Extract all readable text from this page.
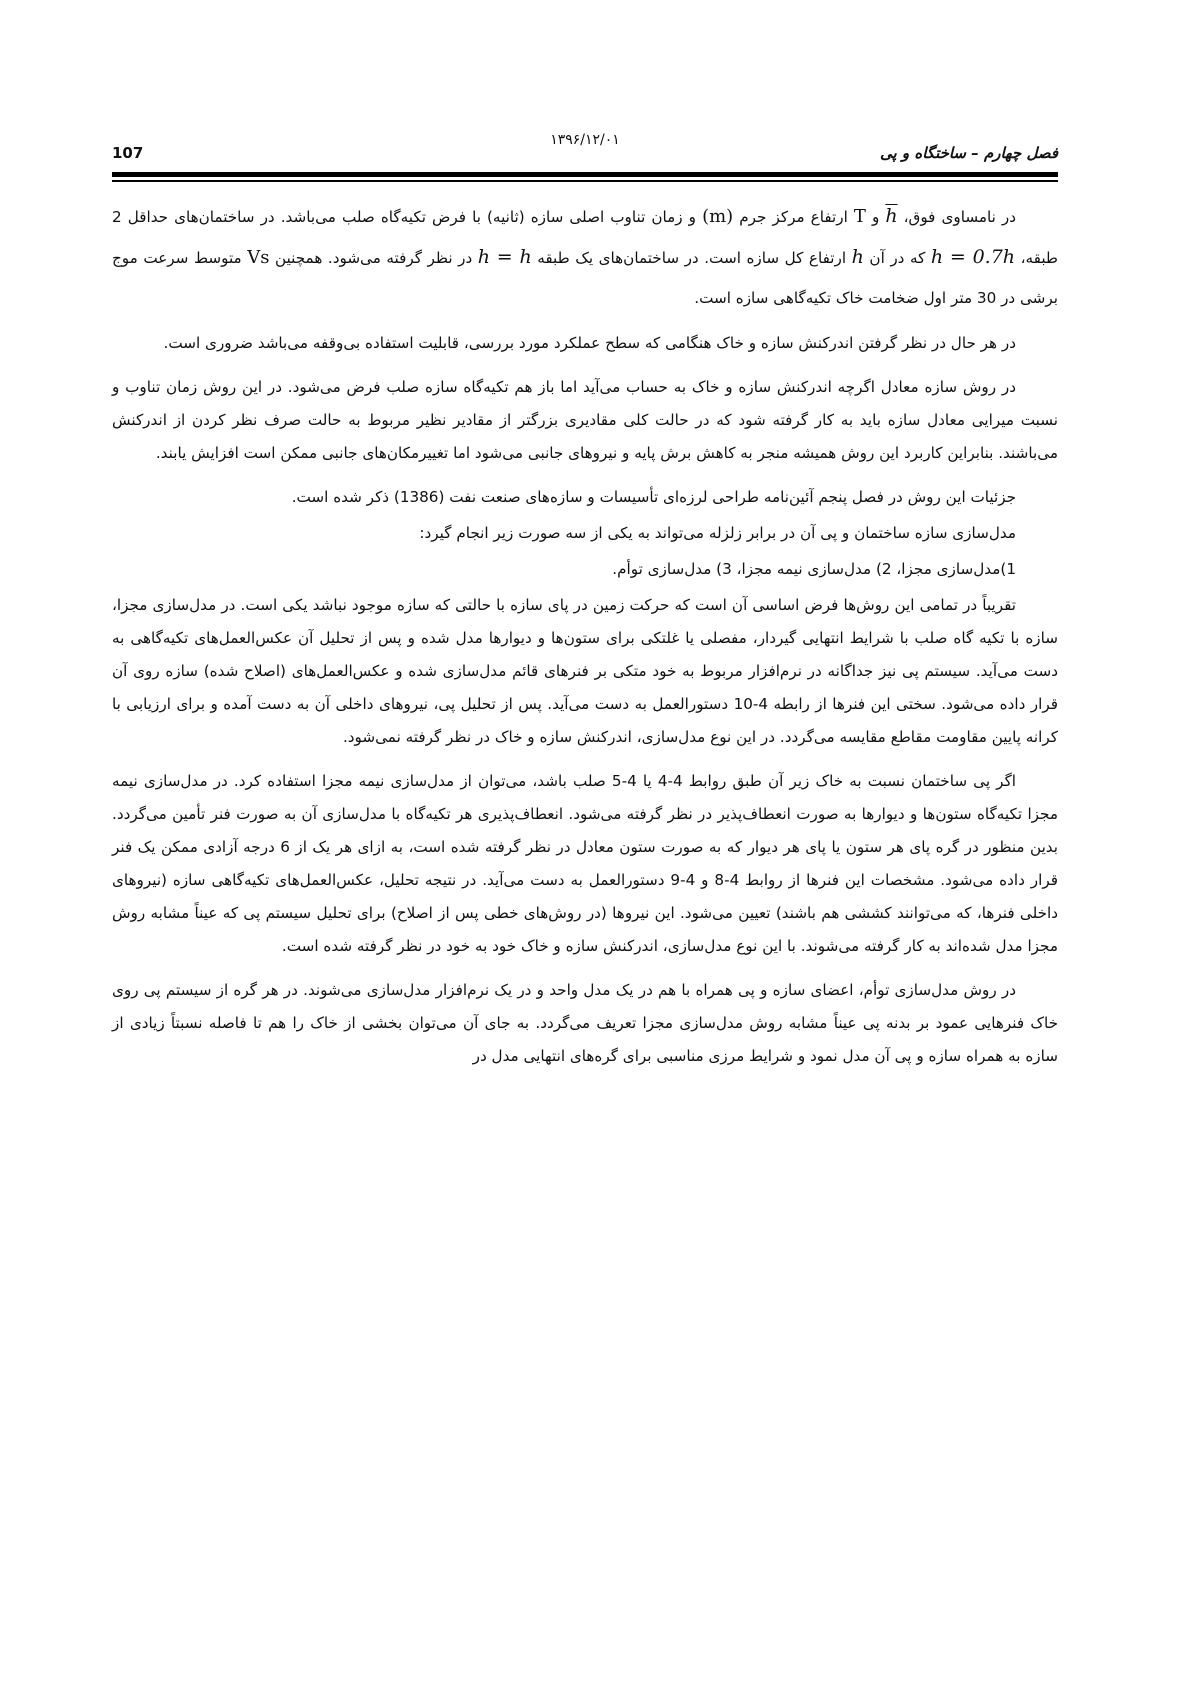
107
۱۳۹۶/۱۲/۰۱
فصل چهارم – ساختگاه و پی

در نامساوی فوق، $\overline{h}$ و T ارتفاع مرکز جرم (m) و زمان تناوب اصلی سازه (ثانیه) با فرض تکیه‌گاه صلب می‌باشد. در ساختمان‌های حداقل 2 طبقه، h = 0.7h که در آن h ارتفاع کل سازه است. در ساختمان‌های یک طبقه h = h در نظر گرفته می‌شود. همچنین Vs متوسط سرعت موج برشی در 30 متر اول ضخامت خاک تکیه‌گاهی سازه است.

در هر حال در نظر گرفتن اندرکنش سازه و خاک هنگامی که سطح عملکرد مورد بررسی، قابلیت استفاده بی‌وقفه می‌باشد ضروری است.

در روش سازه معادل اگرچه اندرکنش سازه و خاک به حساب می‌آید اما باز هم تکیه‌گاه سازه صلب فرض می‌شود. در این روش زمان تناوب و نسبت میرایی معادل سازه باید به کار گرفته شود که در حالت کلی مقادیری بزرگتر از مقادیر نظیر مربوط به حالت صرف نظر کردن از اندرکنش می‌باشند. بنابراین کاربرد این روش همیشه منجر به کاهش برش پایه و نیروهای جانبی می‌شود اما تغییرمکان‌های جانبی ممکن است افزایش یابند.

جزئیات این روش در فصل پنجم آئین‌نامه طراحی لرزه‌ای تأسیسات و سازه‌های صنعت نفت (1386) ذکر شده است.

مدل‌سازی سازه ساختمان و پی آن در برابر زلزله می‌تواند به یکی از سه صورت زیر انجام گیرد:

1)مدل‌سازی مجزا، 2) مدل‌سازی نیمه مجزا، 3) مدل‌سازی توأم.

تقریباً در تمامی این روش‌ها فرض اساسی آن است که حرکت زمین در پای سازه با حالتی که سازه موجود نباشد یکی است. در مدل‌سازی مجزا، سازه با تکیه گاه صلب با شرایط انتهایی گیردار، مفصلی یا غلتکی برای ستون‌ها و دیوارها مدل شده و پس از تحلیل آن عکس‌العمل‌های تکیه‌گاهی به دست می‌آید. سیستم پی نیز جداگانه در نرم‌افزار مربوط به خود متکی بر فنرهای قائم مدل‌سازی شده و عکس‌العمل‌های (اصلاح شده) سازه روی آن قرار داده می‌شود. سختی این فنرها از رابطه 4-10 دستورالعمل به دست می‌آید. پس از تحلیل پی، نیروهای داخلی آن به دست آمده و برای ارزیابی با کرانه پایین مقاومت مقاطع مقایسه می‌گردد. در این نوع مدل‌سازی، اندرکنش سازه و خاک در نظر گرفته نمی‌شود.

اگر پی ساختمان نسبت به خاک زیر آن طبق روابط 4-4 یا 4-5 صلب باشد، می‌توان از مدل‌سازی نیمه مجزا استفاده کرد. در مدل‌سازی نیمه مجزا تکیه‌گاه ستون‌ها و دیوارها به صورت انعطاف‌پذیر در نظر گرفته می‌شود. انعطاف‌پذیری هر تکیه‌گاه با مدل‌سازی آن به صورت فنر تأمین می‌گردد. بدین منظور در گره پای هر ستون یا پای هر دیوار که به صورت ستون معادل در نظر گرفته شده است، به ازای هر یک از 6 درجه آزادی ممکن یک فنر قرار داده می‌شود. مشخصات این فنرها از روابط 4-8 و 4-9 دستورالعمل به دست می‌آید. در نتیجه تحلیل، عکس‌العمل‌های تکیه‌گاهی سازه (نیروهای داخلی فنرها، که می‌توانند کششی هم باشند) تعیین می‌شود. این نیروها (در روش‌های خطی پس از اصلاح) برای تحلیل سیستم پی که عیناً مشابه روش مجزا مدل شده‌اند به کار گرفته می‌شوند. با این نوع مدل‌سازی، اندرکنش سازه و خاک خود به خود در نظر گرفته شده است.

در روش مدل‌سازی توأم، اعضای سازه و پی همراه با هم در یک مدل واحد و در یک نرم‌افزار مدل‌سازی می‌شوند. در هر گره از سیستم پی روی خاک فنرهایی عمود بر بدنه پی عیناً مشابه روش مدل‌سازی مجزا تعریف می‌گردد. به جای آن می‌توان بخشی از خاک را هم تا فاصله نسبتاً زیادی از سازه به همراه سازه و پی آن مدل نمود و شرایط مرزی مناسبی برای گره‌های انتهایی مدل در
